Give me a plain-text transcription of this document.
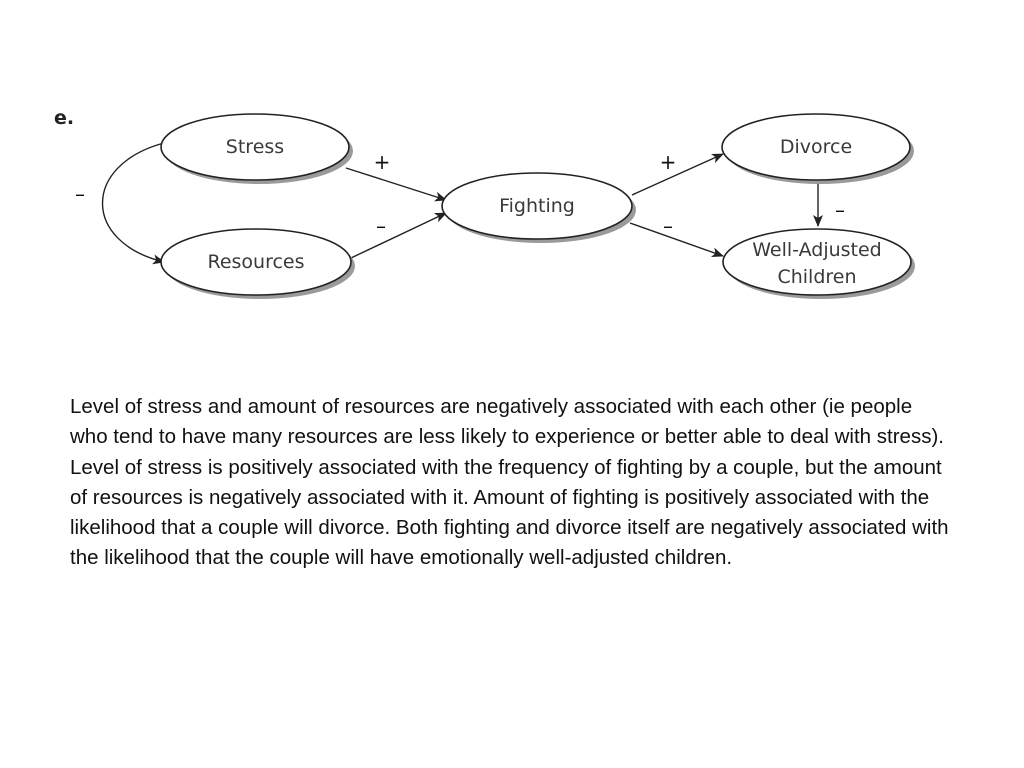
e.
–
+
–
+
–
–
Stress
Resources
Fighting
Divorce
Well-Adjusted
Children

Level of stress and amount of resources are negatively associated with each other (ie people who tend to have many resources are less likely to experience or better able to deal with stress). Level of stress is positively associated with the frequency of fighting by a couple, but the amount of resources is negatively associated with it. Amount of fighting is positively associated with the likelihood that a couple will divorce. Both fighting and divorce itself are negatively associated with the likelihood that the couple will have emotionally well-adjusted children.
